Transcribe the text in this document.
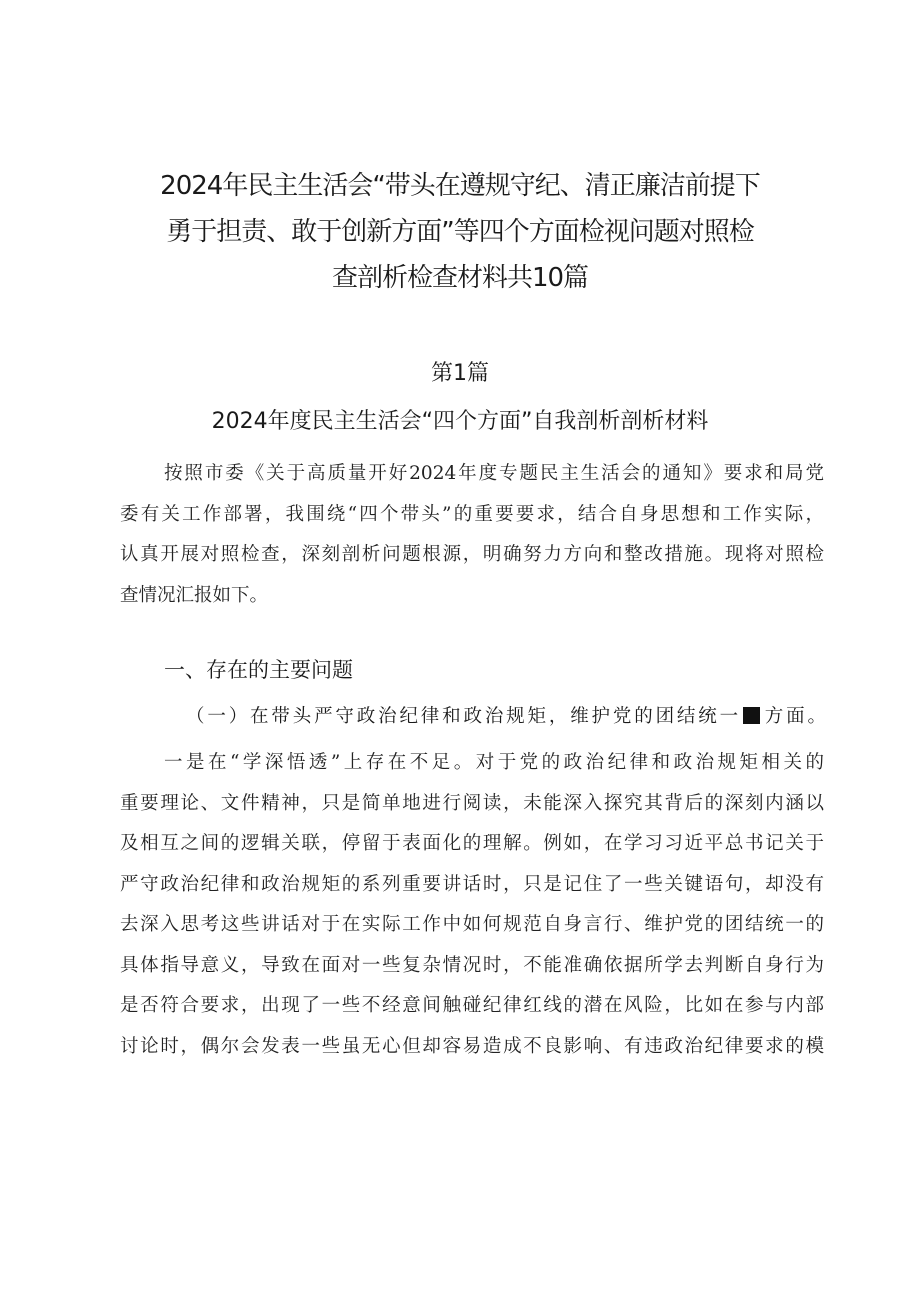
2024年民主生活会“带头在遵规守纪、清正廉洁前提下
勇于担责、敢于创新方面”等四个方面检视问题对照检
查剖析检查材料共10篇
第1篇
2024年度民主生活会“四个方面”自我剖析剖析材料
按照市委《关于高质量开好2024年度专题民主生活会的通知》要求和局党
委有关工作部署，我围绕“四个带头”的重要要求，结合自身思想和工作实际，
认真开展对照检查，深刻剖析问题根源，明确努力方向和整改措施。现将对照检
查情况汇报如下。
一、存在的主要问题
（一）在带头严守政治纪律和政治规矩，维护党的团结统一 方面。
一是在“学深悟透”上存在不足。对于党的政治纪律和政治规矩相关的
重要理论、文件精神，只是简单地进行阅读，未能深入探究其背后的深刻内涵以
及相互之间的逻辑关联，停留于表面化的理解。例如，在学习习近平总书记关于
严守政治纪律和政治规矩的系列重要讲话时，只是记住了一些关键语句，却没有
去深入思考这些讲话对于在实际工作中如何规范自身言行、维护党的团结统一的
具体指导意义，导致在面对一些复杂情况时，不能准确依据所学去判断自身行为
是否符合要求，出现了一些不经意间触碰纪律红线的潜在风险，比如在参与内部
讨论时，偶尔会发表一些虽无心但却容易造成不良影响、有违政治纪律要求的模
